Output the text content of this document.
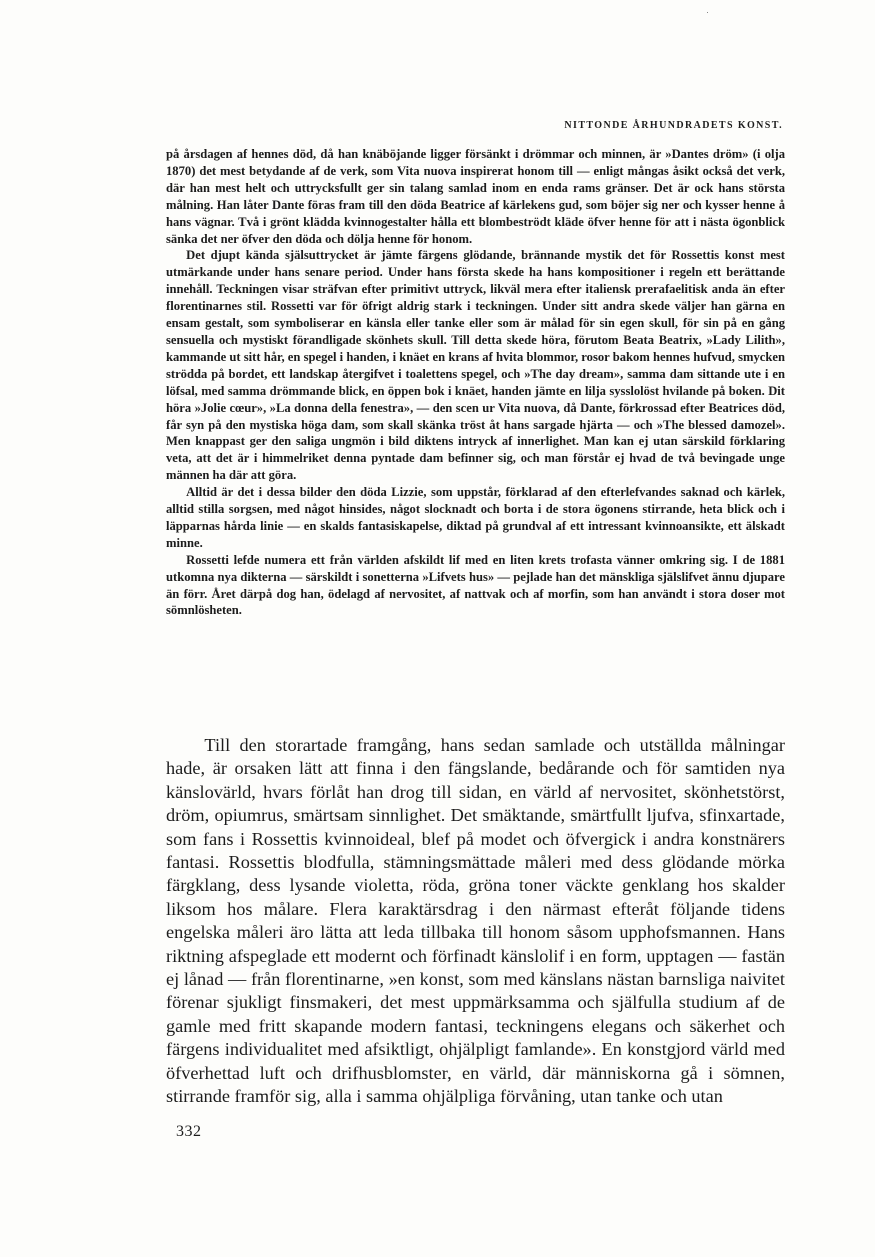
NITTONDE ÅRHUNDRADETS KONST.

på årsdagen af hennes död, då han knäböjande ligger försänkt i drömmar och minnen, är »Dantes dröm» (i olja 1870) det mest betydande af de verk, som Vita nuova inspirerat honom till — enligt mångas åsikt också det verk, där han mest helt och uttrycksfullt ger sin talang samlad inom en enda rams gränser. Det är ock hans största målning. Han låter Dante föras fram till den döda Beatrice af kärlekens gud, som böjer sig ner och kysser henne å hans vägnar. Två i grönt klädda kvinnogestalter hålla ett blombeströdt kläde öfver henne för att i nästa ögonblick sänka det ner öfver den döda och dölja henne för honom.

Det djupt kända själsuttrycket är jämte färgens glödande, brännande mystik det för Rossettis konst mest utmärkande under hans senare period. Under hans första skede ha hans kompositioner i regeln ett berättande innehåll. Teckningen visar sträfvan efter primitivt uttryck, likväl mera efter italiensk prerafaelitisk anda än efter florentinarnes stil. Rossetti var för öfrigt aldrig stark i teckningen. Under sitt andra skede väljer han gärna en ensam gestalt, som symboliserar en känsla eller tanke eller som är målad för sin egen skull, för sin på en gång sensuella och mystiskt förandligade skönhets skull. Till detta skede höra, förutom Beata Beatrix, »Lady Lilith», kammande ut sitt hår, en spegel i handen, i knäet en krans af hvita blommor, rosor bakom hennes hufvud, smycken strödda på bordet, ett landskap återgifvet i toalettens spegel, och »The day dream», samma dam sittande ute i en löfsal, med samma drömmande blick, en öppen bok i knäet, handen jämte en lilja sysslolöst hvilande på boken. Dit höra »Jolie cœur», »La donna della fenestra», — den scen ur Vita nuova, då Dante, förkrossad efter Beatrices död, får syn på den mystiska höga dam, som skall skänka tröst åt hans sargade hjärta — och »The blessed damozel». Men knappast ger den saliga ungmön i bild diktens intryck af innerlighet. Man kan ej utan särskild förklaring veta, att det är i himmelriket denna pyntade dam befinner sig, och man förstår ej hvad de två bevingade unge männen ha där att göra.

Alltid är det i dessa bilder den döda Lizzie, som uppstår, förklarad af den efterlefvandes saknad och kärlek, alltid stilla sorgsen, med något hinsides, något slocknadt och borta i de stora ögonens stirrande, heta blick och i läpparnas hårda linie — en skalds fantasiskapelse, diktad på grundval af ett intressant kvinnoansikte, ett älskadt minne.

Rossetti lefde numera ett från världen afskildt lif med en liten krets trofasta vänner omkring sig. I de 1881 utkomna nya dikterna — särskildt i sonetterna »Lifvets hus» — pejlade han det mänskliga själslifvet ännu djupare än förr. Året därpå dog han, ödelagd af nervositet, af nattvak och af morfin, som han användt i stora doser mot sömnlösheten.

Till den storartade framgång, hans sedan samlade och utställda målningar hade, är orsaken lätt att finna i den fängslande, bedårande och för samtiden nya känslovärld, hvars förlåt han drog till sidan, en värld af nervositet, skönhetstörst, dröm, opiumrus, smärtsam sinnlighet. Det smäktande, smärtfullt ljufva, sfinxartade, som fans i Rossettis kvinnoideal, blef på modet och öfvergick i andra konstnärers fantasi. Rossettis blodfulla, stämningsmättade måleri med dess glödande mörka färgklang, dess lysande violetta, röda, gröna toner väckte genklang hos skalder liksom hos målare. Flera karaktärsdrag i den närmast efteråt följande tidens engelska måleri äro lätta att leda tillbaka till honom såsom upphofsmannen. Hans riktning afspeglade ett modernt och förfinadt känslolif i en form, upptagen — fastän ej lånad — från florentinarne, »en konst, som med känslans nästan barnsliga naivitet förenar sjukligt finsmakeri, det mest uppmärksamma och själfulla studium af de gamle med fritt skapande modern fantasi, teckningens elegans och säkerhet och färgens individualitet med afsiktligt, ohjälpligt famlande». En konstgjord värld med öfverhettad luft och drifhusblomster, en värld, där människorna gå i sömnen, stirrande framför sig, alla i samma ohjälpliga förvåning, utan tanke och utan

332
